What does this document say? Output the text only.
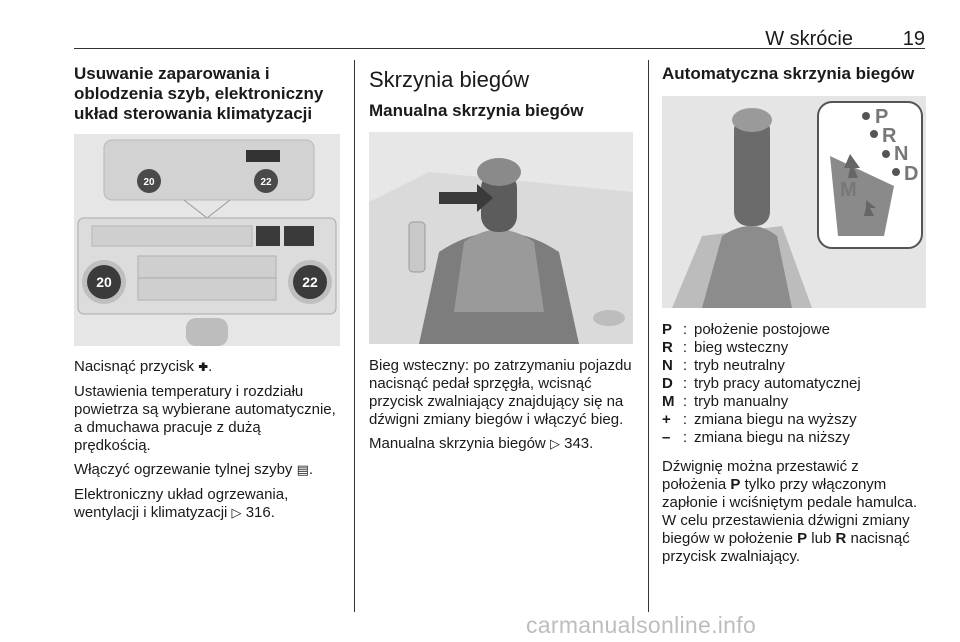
W skrócie 19
Usuwanie zaparowania i oblodzenia szyb, elektroniczny układ sterowania klimatyzacji
20	22
20	22

Nacisnąć przycisk 🞧.

Ustawienia temperatury i rozdziału powietrza są wybierane automatycznie, a dmuchawa pracuje z dużą prędkością.

Włączyć ogrzewanie tylnej szyby ▤.

Elektroniczny układ ogrzewania, wentylacji i klimatyzacji ▷ 316.

Skrzynia biegów
Manualna skrzynia biegów

Bieg wsteczny: po zatrzymaniu pojazdu nacisnąć pedał sprzęgła, wcisnąć przycisk zwalniający znajdujący się na dźwigni zmiany biegów i włączyć bieg.

Manualna skrzynia biegów ▷ 343.

Automatyczna skrzynia biegów
P
R
N
D
M
P : położenie postojowe
R : bieg wsteczny
N : tryb neutralny
D : tryb pracy automatycznej
M : tryb manualny
+ : zmiana biegu na wyższy
– : zmiana biegu na niższy

Dźwignię można przestawić z położenia P tylko przy włączonym zapłonie i wciśniętym pedale hamulca. W celu przestawienia dźwigni zmiany biegów w położenie P lub R nacisnąć przycisk zwalniający.

carmanualsonline.info
